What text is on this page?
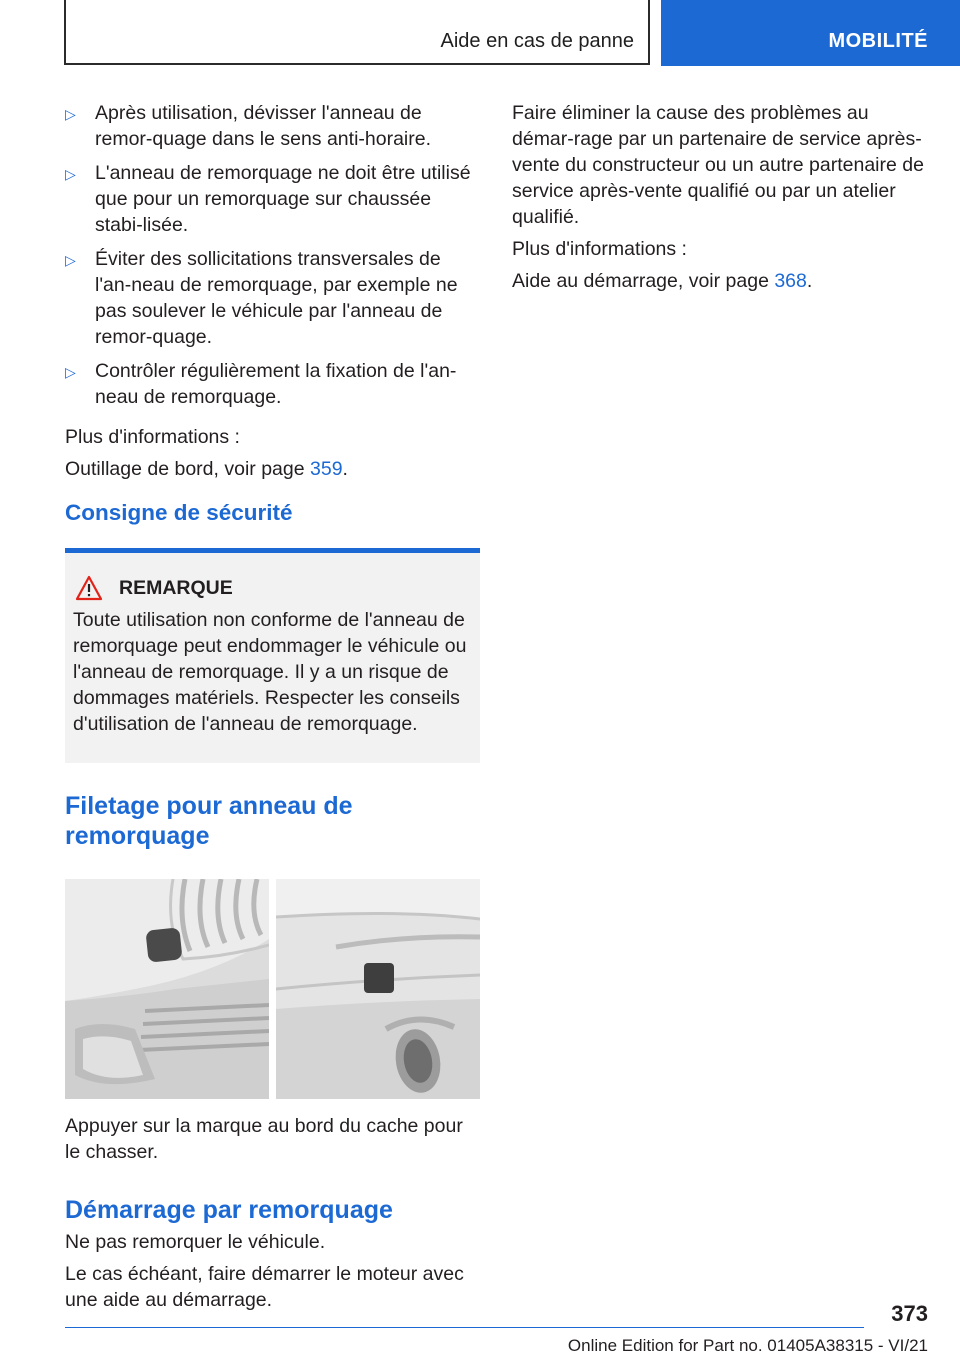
Aide en cas de panne	MOBILITÉ
▷ Après utilisation, dévisser l'anneau de remor-quage dans le sens anti-horaire.
▷ L'anneau de remorquage ne doit être utilisé que pour un remorquage sur chaussée stabi-lisée.
▷ Éviter des sollicitations transversales de l'an-neau de remorquage, par exemple ne pas soulever le véhicule par l'anneau de remor-quage.
▷ Contrôler régulièrement la fixation de l'an-neau de remorquage.

Plus d'informations :

Outillage de bord, voir page 359.

Consigne de sécurité
REMARQUE

Toute utilisation non conforme de l'anneau de remorquage peut endommager le véhicule ou l'anneau de remorquage. Il y a un risque de dommages matériels. Respecter les conseils d'utilisation de l'anneau de remorquage.

Filetage pour anneau de remorquage

Appuyer sur la marque au bord du cache pour le chasser.

Démarrage par remorquage

Ne pas remorquer le véhicule.

Le cas échéant, faire démarrer le moteur avec une aide au démarrage.

Faire éliminer la cause des problèmes au démar-rage par un partenaire de service après-vente du constructeur ou un autre partenaire de service après-vente qualifié ou par un atelier qualifié.

Plus d'informations :

Aide au démarrage, voir page 368.

373
Online Edition for Part no. 01405A38315 - VI/21
